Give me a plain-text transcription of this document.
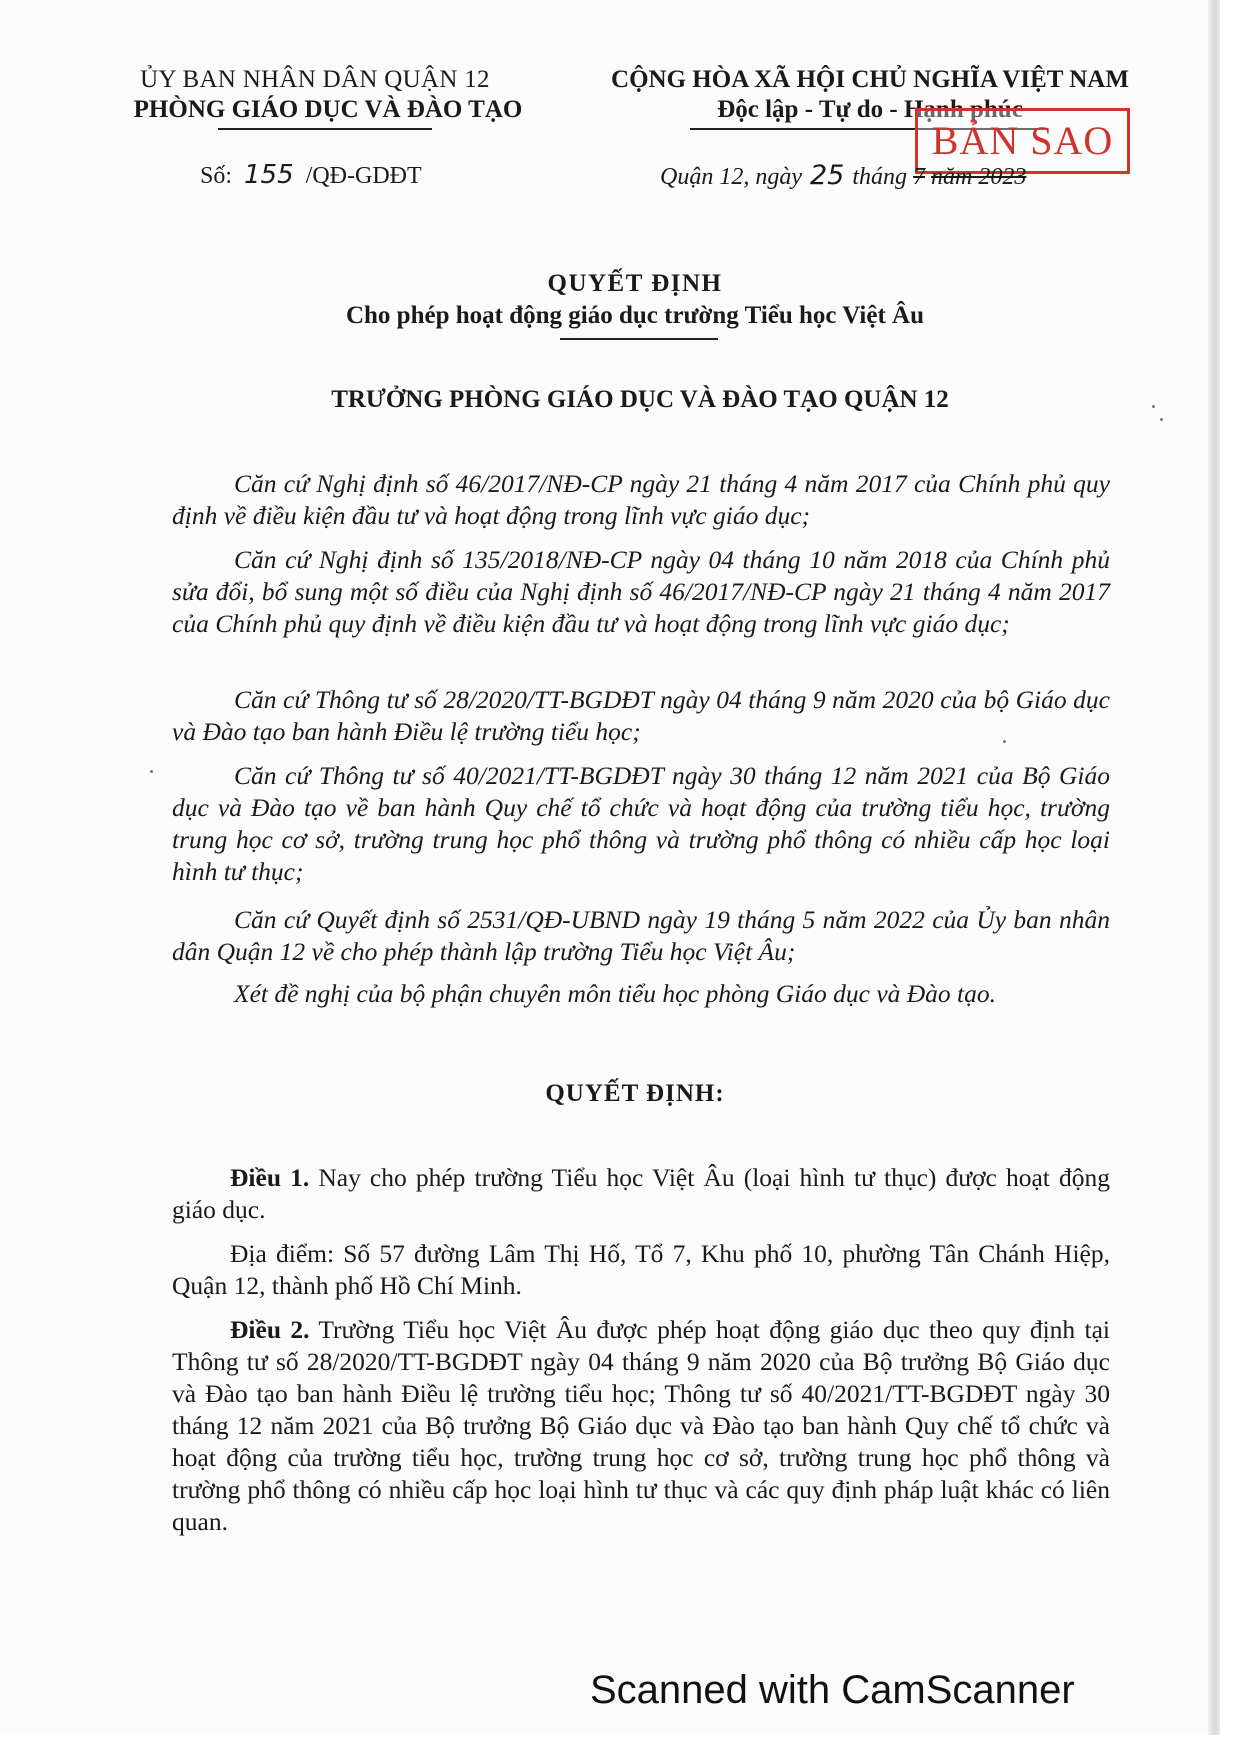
ỦY BAN NHÂN DÂN QUẬN 12
PHÒNG GIÁO DỤC VÀ ĐÀO TẠO
CỘNG HÒA XÃ HỘI CHỦ NGHĨA VIỆT NAM
Độc lập - Tự do - Hạnh phúc
BẢN SAO
Số: 155 /QĐ-GDĐT	Quận 12, ngày 25 tháng 7 năm 2023
QUYẾT ĐỊNH
Cho phép hoạt động giáo dục trường Tiểu học Việt Âu
TRƯỞNG PHÒNG GIÁO DỤC VÀ ĐÀO TẠO QUẬN 12

Căn cứ Nghị định số 46/2017/NĐ-CP ngày 21 tháng 4 năm 2017 của Chính phủ quy định về điều kiện đầu tư và hoạt động trong lĩnh vực giáo dục;

Căn cứ Nghị định số 135/2018/NĐ-CP ngày 04 tháng 10 năm 2018 của Chính phủ sửa đổi, bổ sung một số điều của Nghị định số 46/2017/NĐ-CP ngày 21 tháng 4 năm 2017 của Chính phủ quy định về điều kiện đầu tư và hoạt động trong lĩnh vực giáo dục;

Căn cứ Thông tư số 28/2020/TT-BGDĐT ngày 04 tháng 9 năm 2020 của bộ Giáo dục và Đào tạo ban hành Điều lệ trường tiểu học;

Căn cứ Thông tư số 40/2021/TT-BGDĐT ngày 30 tháng 12 năm 2021 của Bộ Giáo dục và Đào tạo về ban hành Quy chế tổ chức và hoạt động của trường tiểu học, trường trung học cơ sở, trường trung học phổ thông và trường phổ thông có nhiều cấp học loại hình tư thục;

Căn cứ Quyết định số 2531/QĐ-UBND ngày 19 tháng 5 năm 2022 của Ủy ban nhân dân Quận 12 về cho phép thành lập trường Tiểu học Việt Âu;

Xét đề nghị của bộ phận chuyên môn tiểu học phòng Giáo dục và Đào tạo.

QUYẾT ĐỊNH:

Điều 1. Nay cho phép trường Tiểu học Việt Âu (loại hình tư thục) được hoạt động giáo dục.

Địa điểm: Số 57 đường Lâm Thị Hố, Tổ 7, Khu phố 10, phường Tân Chánh Hiệp, Quận 12, thành phố Hồ Chí Minh.

Điều 2. Trường Tiểu học Việt Âu được phép hoạt động giáo dục theo quy định tại Thông tư số 28/2020/TT-BGDĐT ngày 04 tháng 9 năm 2020 của Bộ trưởng Bộ Giáo dục và Đào tạo ban hành Điều lệ trường tiểu học; Thông tư số 40/2021/TT-BGDĐT ngày 30 tháng 12 năm 2021 của Bộ trưởng Bộ Giáo dục và Đào tạo ban hành Quy chế tổ chức và hoạt động của trường tiểu học, trường trung học cơ sở, trường trung học phổ thông và trường phổ thông có nhiều cấp học loại hình tư thục và các quy định pháp luật khác có liên quan.

Scanned with CamScanner
